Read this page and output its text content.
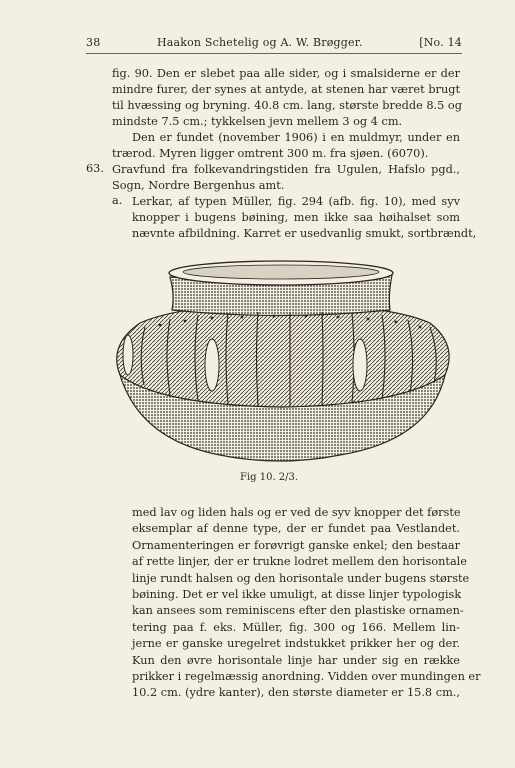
38	Haakon Schetelig og A. W. Brøgger.	[No. 14
fig. 90. Den er slebet paa alle sider, og i smalsiderne er der
mindre furer, der synes at antyde, at stenen har været brugt
til hvæssing og bryning. 40.8 cm. lang, største bredde 8.5 og
mindste 7.5 cm.; tykkelsen jevn mellem 3 og 4 cm.
Den er fundet (november 1906) i en muldmyr, under en
trærod. Myren ligger omtrent 300 m. fra sjøen. (6070).
63. Gravfund fra folkevandringstiden fra Ugulen, Hafslo pgd.,
Sogn, Nordre Bergenhus amt.
a. Lerkar, af typen Müller, fig. 294 (afb. fig. 10), med syv
knopper i bugens bøining, men ikke saa høihalset som
nævnte afbildning. Karret er usedvanlig smukt, sortbrændt,
Fig 10. 2/3.
med lav og liden hals og er ved de syv knopper det første
eksemplar af denne type, der er fundet paa Vestlandet.
Ornamenteringen er forøvrigt ganske enkel; den bestaar
af rette linjer, der er trukne lodret mellem den horisontale
linje rundt halsen og den horisontale under bugens største
bøining. Det er vel ikke umuligt, at disse linjer typologisk
kan ansees som reminiscens efter den plastiske ornamen-
tering paa f. eks. Müller, fig. 300 og 166. Mellem lin-
jerne er ganske uregelret indstukket prikker her og der.
Kun den øvre horisontale linje har under sig en række
prikker i regelmæssig anordning. Vidden over mundingen er
10.2 cm. (ydre kanter), den største diameter er 15.8 cm.,
